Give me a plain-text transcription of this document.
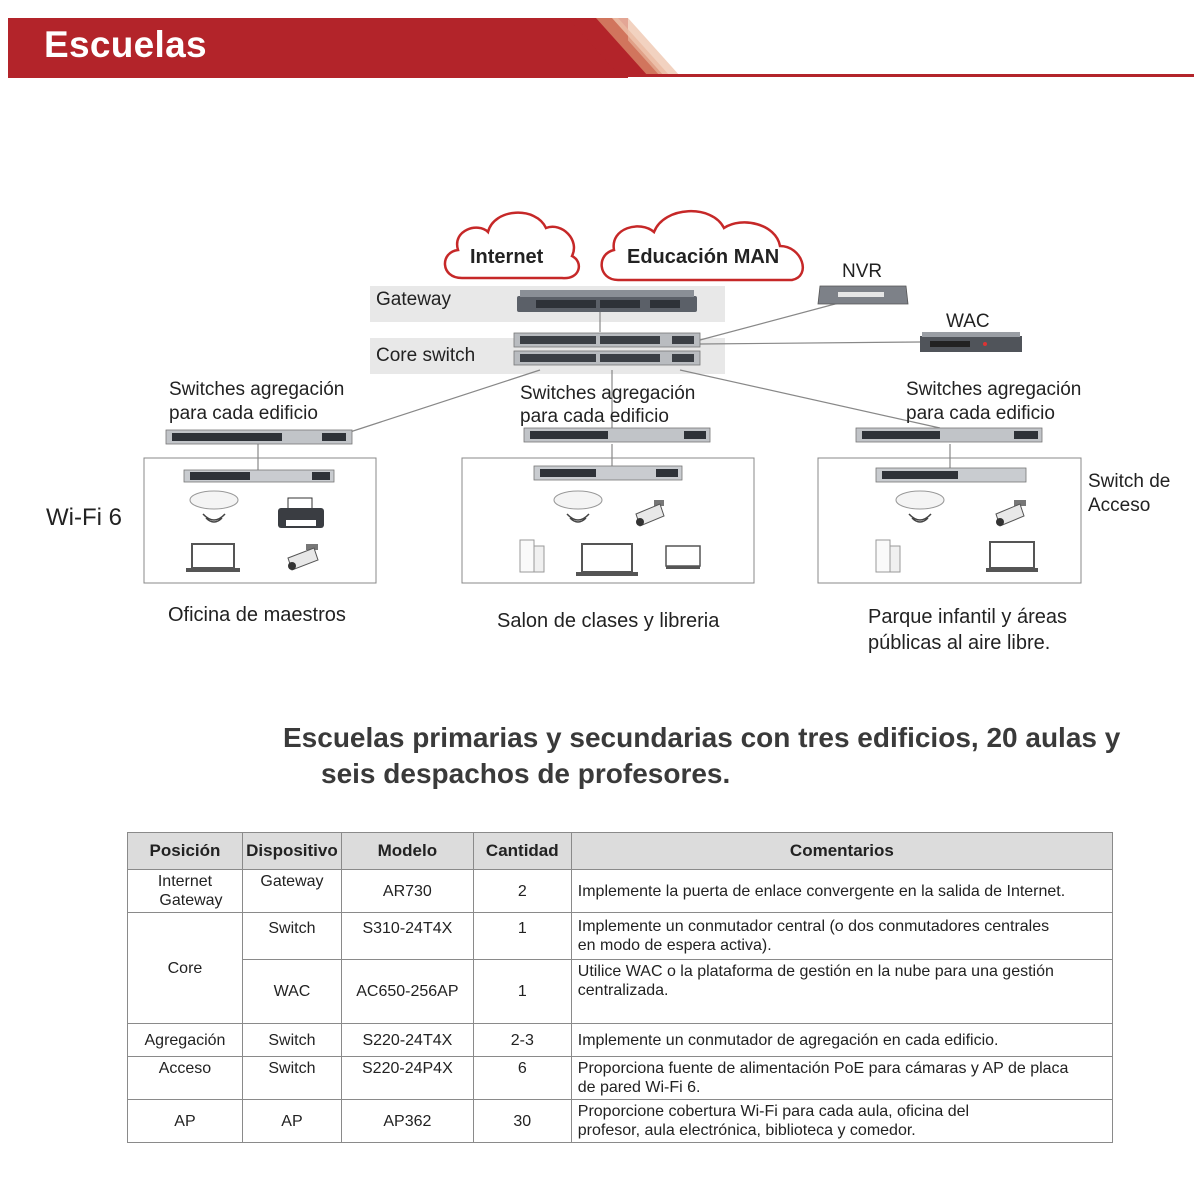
Escuelas
Internet	Educación MAN
Gateway
Core switch
NVR
WAC
Switches agregación
para cada edificio
Switches agregación
para cada edificio
Switches agregación
para cada edificio
Wi-Fi 6
Switch de
Acceso
Oficina de maestros	Salon de clases y libreria	Parque infantil y áreas
públicas al aire libre.
Escuelas primarias y secundarias con tres edificios, 20 aulas y
seis despachos de profesores.
Posición	Dispositivo	Modelo	Cantidad	Comentarios
Internet
Gateway	Gateway	AR730	2	Implemente la puerta de enlace convergente en la salida de Internet.
Core	Switch	S310-24T4X	1	Implemente un conmutador central (o dos conmutadores centrales
en modo de espera activa).
	WAC	AC650-256AP	1	Utilice WAC o la plataforma de gestión en la nube para una gestión
centralizada.
Agregación	Switch	S220-24T4X	2-3	Implemente un conmutador de agregación en cada edificio.
Acceso	Switch	S220-24P4X	6	Proporciona fuente de alimentación PoE para cámaras y AP de placa
de pared Wi-Fi 6.
AP	AP	AP362	30	Proporcione cobertura Wi-Fi para cada aula, oficina del
profesor, aula electrónica, biblioteca y comedor.
